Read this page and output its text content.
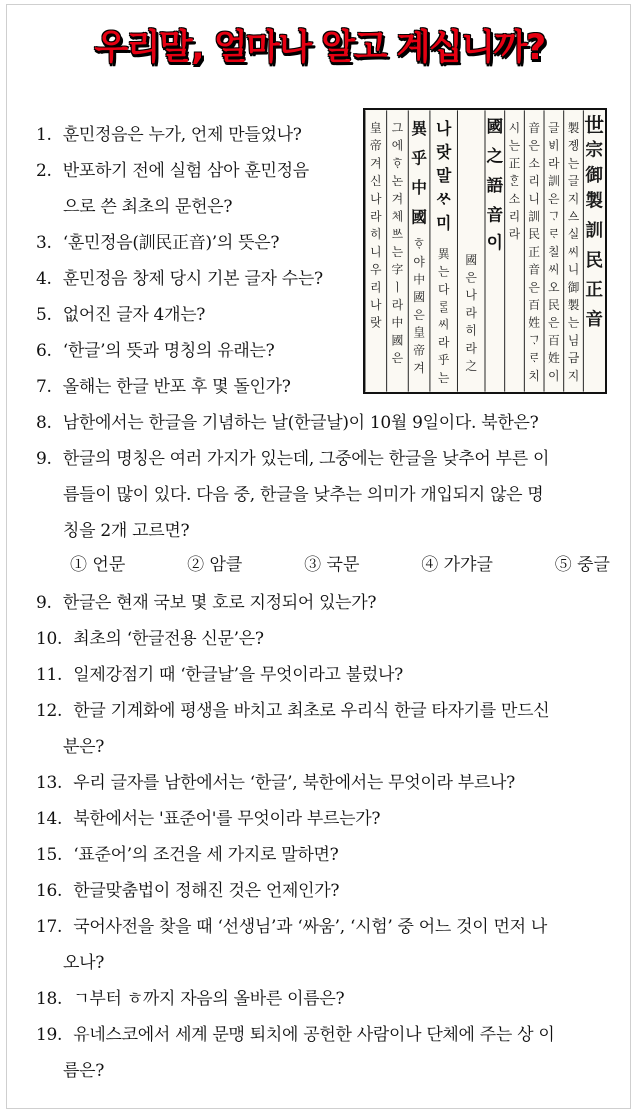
우리말, 얼마나 알고 계십니까?
世
宗
御
製
訓
民
正
音
製
졩
는
글
지
ᅀᅳ
실
씨
니
御
製
는
님
금
지
글
ᄫᅵ
라
訓
은
ᄀᆞ
ᄅᆞ
칠
씨
오
民
은
百
姓
이
音
은
소
리
니
訓
民
正
音
은
百
姓
ᄀᆞ
ᄅᆞ
치
시
는
正
ᄒᆞᆫ
소
리
라
國
之
語
音
이
國
은
나
라
히
라
之
나
랏
말
ᄊᆞ
미
異
乎
中
國
異
는
다
ᄅᆞᆯ
씨
라
乎
는
ᄒᆞ
야
中
國
은
皇
帝
겨
그
에
ᄒᆞ
논
겨
체
ᄡᅳ
는
字
ㅣ
라
中
國
은
皇
帝
겨
신
나
라
히
니
우
리
나
랏
1. 훈민정음은 누가, 언제 만들었나?
2. 반포하기 전에 실험 삼아 훈민정음
으로 쓴 최초의 문헌은?
3. ‘훈민정음(訓民正音)’의 뜻은?
4. 훈민정음 창제 당시 기본 글자 수는?
5. 없어진 글자 4개는?
6. ‘한글’의 뜻과 명칭의 유래는?
7. 올해는 한글 반포 후 몇 돌인가?
8. 남한에서는 한글을 기념하는 날(한글날)이 10월 9일이다. 북한은?
9. 한글의 명칭은 여러 가지가 있는데, 그중에는 한글을 낮추어 부른 이
름들이 많이 있다. 다음 중, 한글을 낮추는 의미가 개입되지 않은 명
칭을 2개 고르면?
① 언문	② 암클	③ 국문	④ 가갸글	⑤ 중글
9. 한글은 현재 국보 몇 호로 지정되어 있는가?
10. 최초의 ‘한글전용 신문’은?
11. 일제강점기 때 ‘한글날’을 무엇이라고 불렀나?
12. 한글 기계화에 평생을 바치고 최초로 우리식 한글 타자기를 만드신
분은?
13. 우리 글자를 남한에서는 ‘한글’, 북한에서는 무엇이라 부르나?
14. 북한에서는 '표준어'를 무엇이라 부르는가?
15. ‘표준어’의 조건을 세 가지로 말하면?
16. 한글맞춤법이 정해진 것은 언제인가?
17. 국어사전을 찾을 때 ‘선생님’과 ‘싸움’, ‘시험’ 중 어느 것이 먼저 나
오나?
18. ㄱ부터 ㅎ까지 자음의 올바른 이름은?
19. 유네스코에서 세계 문맹 퇴치에 공헌한 사람이나 단체에 주는 상 이
름은?
